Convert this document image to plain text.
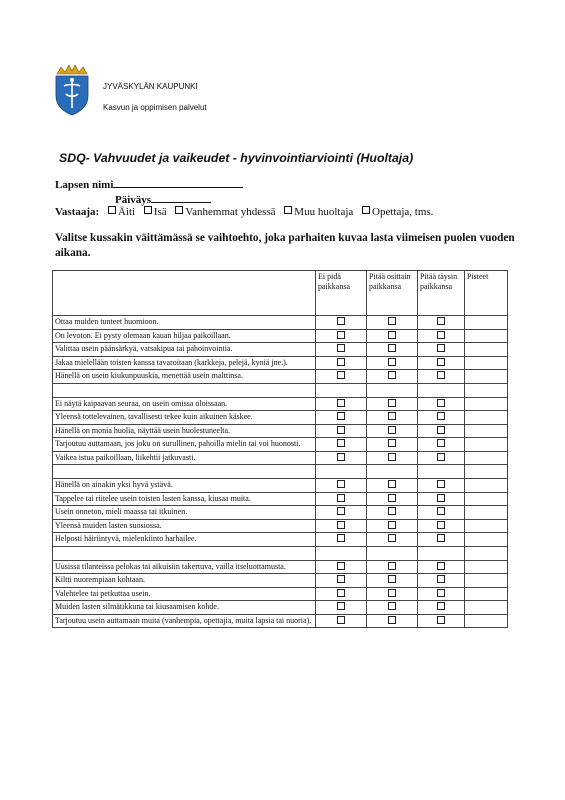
JYVÄSKYLÄN KAUPUNKI
Kasvun ja oppimisen palvelut
SDQ- Vahvuudet ja vaikeudet - hyvinvointiarviointi (Huoltaja)
Lapsen nimi
Päiväys
Vastaaja: Äiti Isä Vanhemmat yhdessä Muu huoltaja Opettaja, tms.
Valitse kussakin väittämässä se vaihtoehto, joka parhaiten kuvaa lasta viimeisen puolen vuoden aikana.
	Ei pidä paikkansa	Pitää osittain paikkansa	Pitää täysin paikkansa	Pisteet
Ottaa muiden tunteet huomioon.				
On levoton. Ei pysty olemaan kauan hiljaa paikoillaan.				
Valittaa usein päänsärkyä, vatsakipua tai pahoinvointia.				
Jakaa mielellään toisten kanssa tavaroitaan (karkkeja, pelejä, kyniä jne.).				
Hänellä on usein kiukunpuuskia, menettää usein malttinsa.				

Ei näytä kaipaavan seuraa, on usein omissa oloissaan.				
Yleensä tottelevainen, tavallisesti tekee kuin aikuinen käskee.				
Hänellä on monia huolia, näyttää usein huolestuneelta.				
Tarjoutuu auttamaan, jos joku on surullinen, pahoilla mielin tai voi huonosti.				
Vaikea istua paikoillaan, liikehtii jatkuvasti.				

Hänellä on ainakin yksi hyvä ystävä.				
Tappelee tai riitelee usein toisten lasten kanssa, kiusaa muita.				
Usein onneton, mieli maassa tai itkuinen.				
Yleensä muiden lasten suosiossa.				
Helposti häiriintyvä, mielenkiinto harhailee.				

Uusissa tilanteissa pelokas tai aikuisiin takertuva, vailla itseluottamusta.				
Kiltti nuorempiaan kohtaan.				
Valehtelee tai petkuttaa usein.				
Muiden lasten silmätikkuna tai kiusaamisen kohde.				
Tarjoutuu usein auttamaan muita (vanhempia, opettajia, muita lapsia tai nuoria).				
